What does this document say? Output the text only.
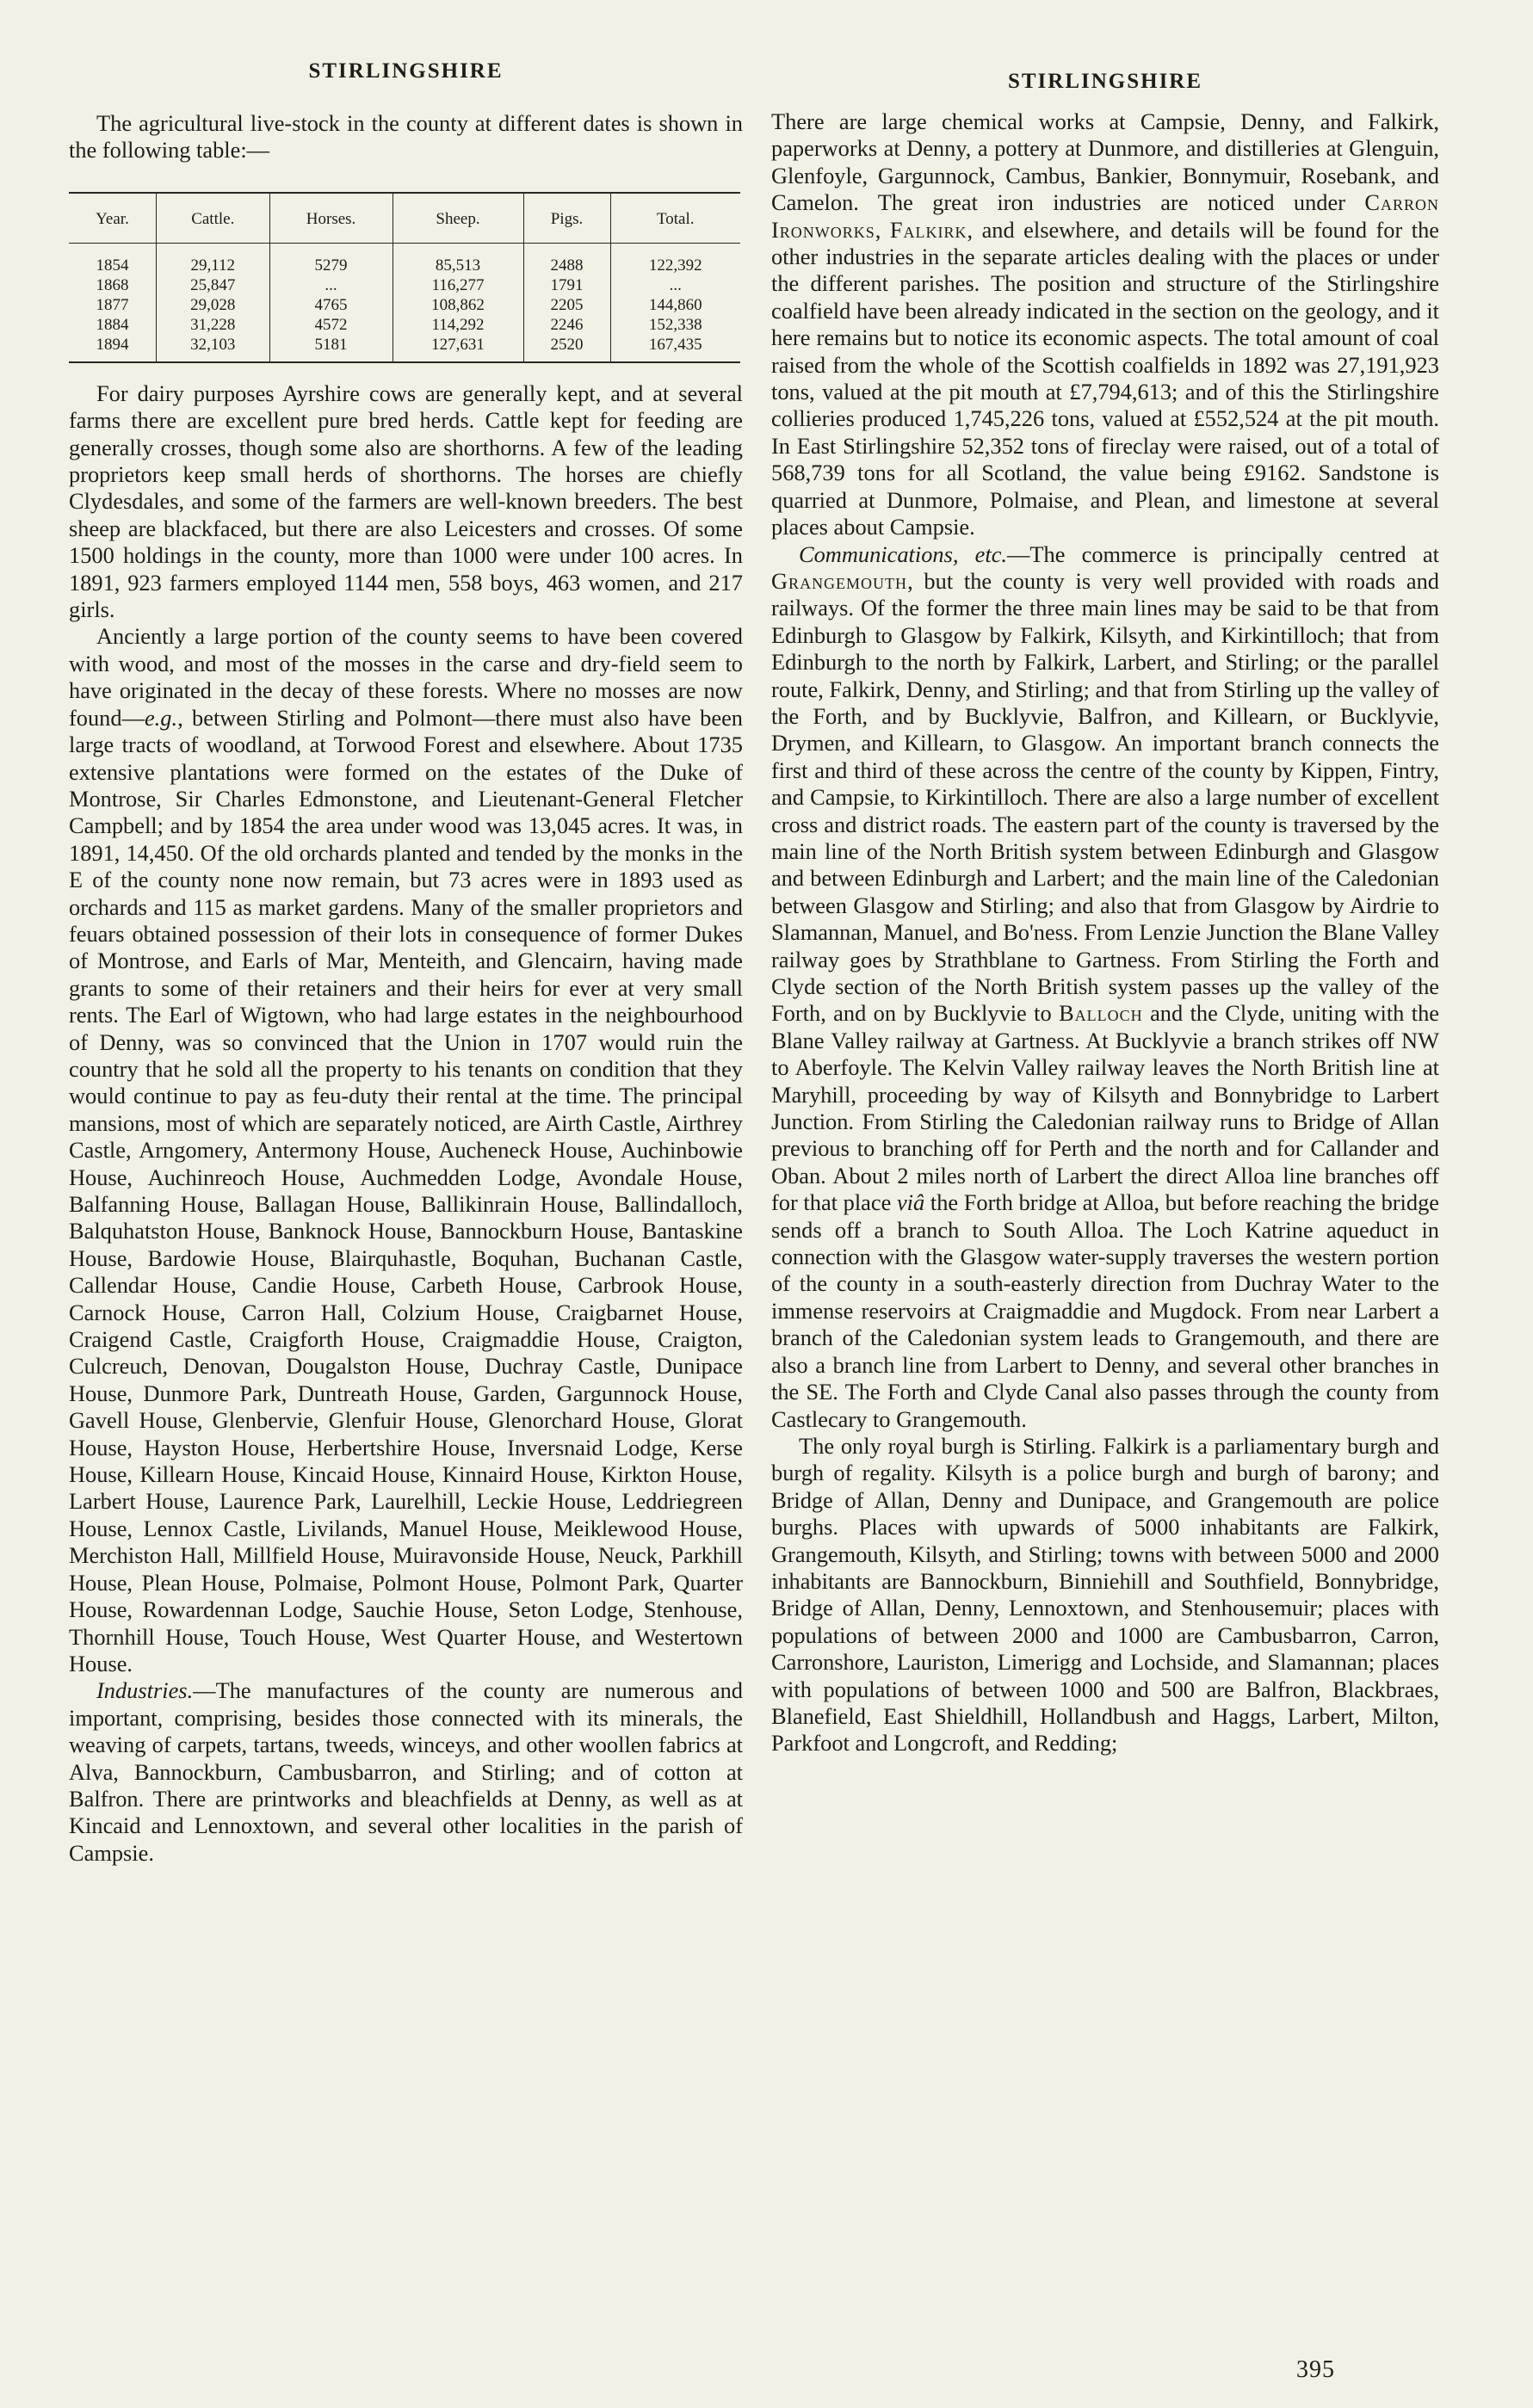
STIRLINGSHIRE

The agricultural live-stock in the county at different dates is shown in the following table:—

Year.	Cattle.	Horses.	Sheep.	Pigs.	Total.
1854	29,112	5279	85,513	2488	122,392
1868	25,847	...	116,277	1791	...
1877	29,028	4765	108,862	2205	144,860
1884	31,228	4572	114,292	2246	152,338
1894	32,103	5181	127,631	2520	167,435

For dairy purposes Ayrshire cows are generally kept, and at several farms there are excellent pure bred herds. Cattle kept for feeding are generally crosses, though some also are shorthorns. A few of the leading proprietors keep small herds of shorthorns. The horses are chiefly Clydesdales, and some of the farmers are well-known breeders. The best sheep are blackfaced, but there are also Leicesters and crosses. Of some 1500 holdings in the county, more than 1000 were under 100 acres. In 1891, 923 farmers employed 1144 men, 558 boys, 463 women, and 217 girls.

Anciently a large portion of the county seems to have been covered with wood, and most of the mosses in the carse and dry-field seem to have originated in the decay of these forests. Where no mosses are now found—e.g., between Stirling and Polmont—there must also have been large tracts of woodland, at Torwood Forest and elsewhere. About 1735 extensive plantations were formed on the estates of the Duke of Montrose, Sir Charles Edmonstone, and Lieutenant-General Fletcher Campbell; and by 1854 the area under wood was 13,045 acres. It was, in 1891, 14,450. Of the old orchards planted and tended by the monks in the E of the county none now remain, but 73 acres were in 1893 used as orchards and 115 as market gardens. Many of the smaller proprietors and feuars obtained possession of their lots in consequence of former Dukes of Montrose, and Earls of Mar, Menteith, and Glencairn, having made grants to some of their retainers and their heirs for ever at very small rents. The Earl of Wigtown, who had large estates in the neighbourhood of Denny, was so convinced that the Union in 1707 would ruin the country that he sold all the property to his tenants on condition that they would continue to pay as feu-duty their rental at the time. The principal mansions, most of which are separately noticed, are Airth Castle, Airthrey Castle, Arngomery, Antermony House, Aucheneck House, Auchinbowie House, Auchinreoch House, Auchmedden Lodge, Avondale House, Balfanning House, Ballagan House, Ballikinrain House, Ballindalloch, Balquhatston House, Banknock House, Bannockburn House, Bantaskine House, Bardowie House, Blairquhastle, Boquhan, Buchanan Castle, Callendar House, Candie House, Carbeth House, Carbrook House, Carnock House, Carron Hall, Colzium House, Craigbarnet House, Craigend Castle, Craigforth House, Craigmaddie House, Craigton, Culcreuch, Denovan, Dougalston House, Duchray Castle, Dunipace House, Dunmore Park, Duntreath House, Garden, Gargunnock House, Gavell House, Glenbervie, Glenfuir House, Glenorchard House, Glorat House, Hayston House, Herbertshire House, Inversnaid Lodge, Kerse House, Killearn House, Kincaid House, Kinnaird House, Kirkton House, Larbert House, Laurence Park, Laurelhill, Leckie House, Leddriegreen House, Lennox Castle, Livilands, Manuel House, Meiklewood House, Merchiston Hall, Millfield House, Muiravonside House, Neuck, Parkhill House, Plean House, Polmaise, Polmont House, Polmont Park, Quarter House, Rowardennan Lodge, Sauchie House, Seton Lodge, Stenhouse, Thornhill House, Touch House, West Quarter House, and Westertown House.

Industries.—The manufactures of the county are numerous and important, comprising, besides those connected with its minerals, the weaving of carpets, tartans, tweeds, winceys, and other woollen fabrics at Alva, Bannockburn, Cambusbarron, and Stirling; and of cotton at Balfron. There are printworks and bleachfields at Denny, as well as at Kincaid and Lennoxtown, and several other localities in the parish of Campsie.

STIRLINGSHIRE

There are large chemical works at Campsie, Denny, and Falkirk, paperworks at Denny, a pottery at Dunmore, and distilleries at Glenguin, Glenfoyle, Gargunnock, Cambus, Bankier, Bonnymuir, Rosebank, and Camelon. The great iron industries are noticed under Carron Ironworks, Falkirk, and elsewhere, and details will be found for the other industries in the separate articles dealing with the places or under the different parishes. The position and structure of the Stirlingshire coalfield have been already indicated in the section on the geology, and it here remains but to notice its economic aspects. The total amount of coal raised from the whole of the Scottish coalfields in 1892 was 27,191,923 tons, valued at the pit mouth at £7,794,613; and of this the Stirlingshire collieries produced 1,745,226 tons, valued at £552,524 at the pit mouth. In East Stirlingshire 52,352 tons of fireclay were raised, out of a total of 568,739 tons for all Scotland, the value being £9162. Sandstone is quarried at Dunmore, Polmaise, and Plean, and limestone at several places about Campsie.

Communications, etc.—The commerce is principally centred at Grangemouth, but the county is very well provided with roads and railways. Of the former the three main lines may be said to be that from Edinburgh to Glasgow by Falkirk, Kilsyth, and Kirkintilloch; that from Edinburgh to the north by Falkirk, Larbert, and Stirling; or the parallel route, Falkirk, Denny, and Stirling; and that from Stirling up the valley of the Forth, and by Bucklyvie, Balfron, and Killearn, or Bucklyvie, Drymen, and Killearn, to Glasgow. An important branch connects the first and third of these across the centre of the county by Kippen, Fintry, and Campsie, to Kirkintilloch. There are also a large number of excellent cross and district roads. The eastern part of the county is traversed by the main line of the North British system between Edinburgh and Glasgow and between Edinburgh and Larbert; and the main line of the Caledonian between Glasgow and Stirling; and also that from Glasgow by Airdrie to Slamannan, Manuel, and Bo'ness. From Lenzie Junction the Blane Valley railway goes by Strathblane to Gartness. From Stirling the Forth and Clyde section of the North British system passes up the valley of the Forth, and on by Bucklyvie to Balloch and the Clyde, uniting with the Blane Valley railway at Gartness. At Bucklyvie a branch strikes off NW to Aberfoyle. The Kelvin Valley railway leaves the North British line at Maryhill, proceeding by way of Kilsyth and Bonnybridge to Larbert Junction. From Stirling the Caledonian railway runs to Bridge of Allan previous to branching off for Perth and the north and for Callander and Oban. About 2 miles north of Larbert the direct Alloa line branches off for that place viâ the Forth bridge at Alloa, but before reaching the bridge sends off a branch to South Alloa. The Loch Katrine aqueduct in connection with the Glasgow water-supply traverses the western portion of the county in a south-easterly direction from Duchray Water to the immense reservoirs at Craigmaddie and Mugdock. From near Larbert a branch of the Caledonian system leads to Grangemouth, and there are also a branch line from Larbert to Denny, and several other branches in the SE. The Forth and Clyde Canal also passes through the county from Castlecary to Grangemouth.

The only royal burgh is Stirling. Falkirk is a parliamentary burgh and burgh of regality. Kilsyth is a police burgh and burgh of barony; and Bridge of Allan, Denny and Dunipace, and Grangemouth are police burghs. Places with upwards of 5000 inhabitants are Falkirk, Grangemouth, Kilsyth, and Stirling; towns with between 5000 and 2000 inhabitants are Bannockburn, Binniehill and Southfield, Bonnybridge, Bridge of Allan, Denny, Lennoxtown, and Stenhousemuir; places with populations of between 2000 and 1000 are Cambusbarron, Carron, Carronshore, Lauriston, Limerigg and Lochside, and Slamannan; places with populations of between 1000 and 500 are Balfron, Blackbraes, Blanefield, East Shieldhill, Hollandbush and Haggs, Larbert, Milton, Parkfoot and Longcroft, and Redding;

395
